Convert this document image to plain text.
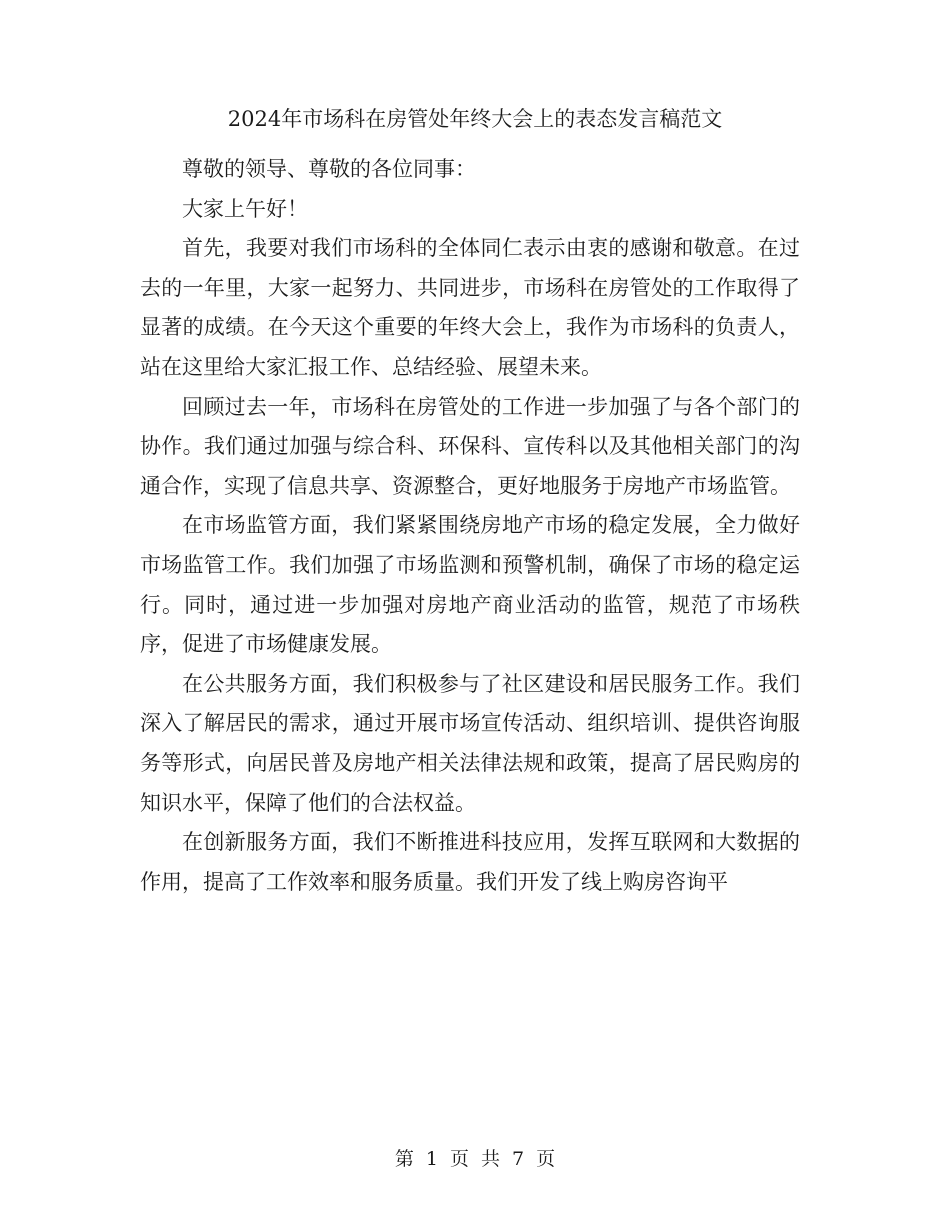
2024年市场科在房管处年终大会上的表态发言稿范文

尊敬的领导、尊敬的各位同事：

大家上午好！

首先，我要对我们市场科的全体同仁表示由衷的感谢和敬意。在过去的一年里，大家一起努力、共同进步，市场科在房管处的工作取得了显著的成绩。在今天这个重要的年终大会上，我作为市场科的负责人，站在这里给大家汇报工作、总结经验、展望未来。

回顾过去一年，市场科在房管处的工作进一步加强了与各个部门的协作。我们通过加强与综合科、环保科、宣传科以及其他相关部门的沟通合作，实现了信息共享、资源整合，更好地服务于房地产市场监管。

在市场监管方面，我们紧紧围绕房地产市场的稳定发展，全力做好市场监管工作。我们加强了市场监测和预警机制，确保了市场的稳定运行。同时，通过进一步加强对房地产商业活动的监管，规范了市场秩序，促进了市场健康发展。

在公共服务方面，我们积极参与了社区建设和居民服务工作。我们深入了解居民的需求，通过开展市场宣传活动、组织培训、提供咨询服务等形式，向居民普及房地产相关法律法规和政策，提高了居民购房的知识水平，保障了他们的合法权益。

在创新服务方面，我们不断推进科技应用，发挥互联网和大数据的作用，提高了工作效率和服务质量。我们开发了线上购房咨询平

第 1 页 共 7 页
